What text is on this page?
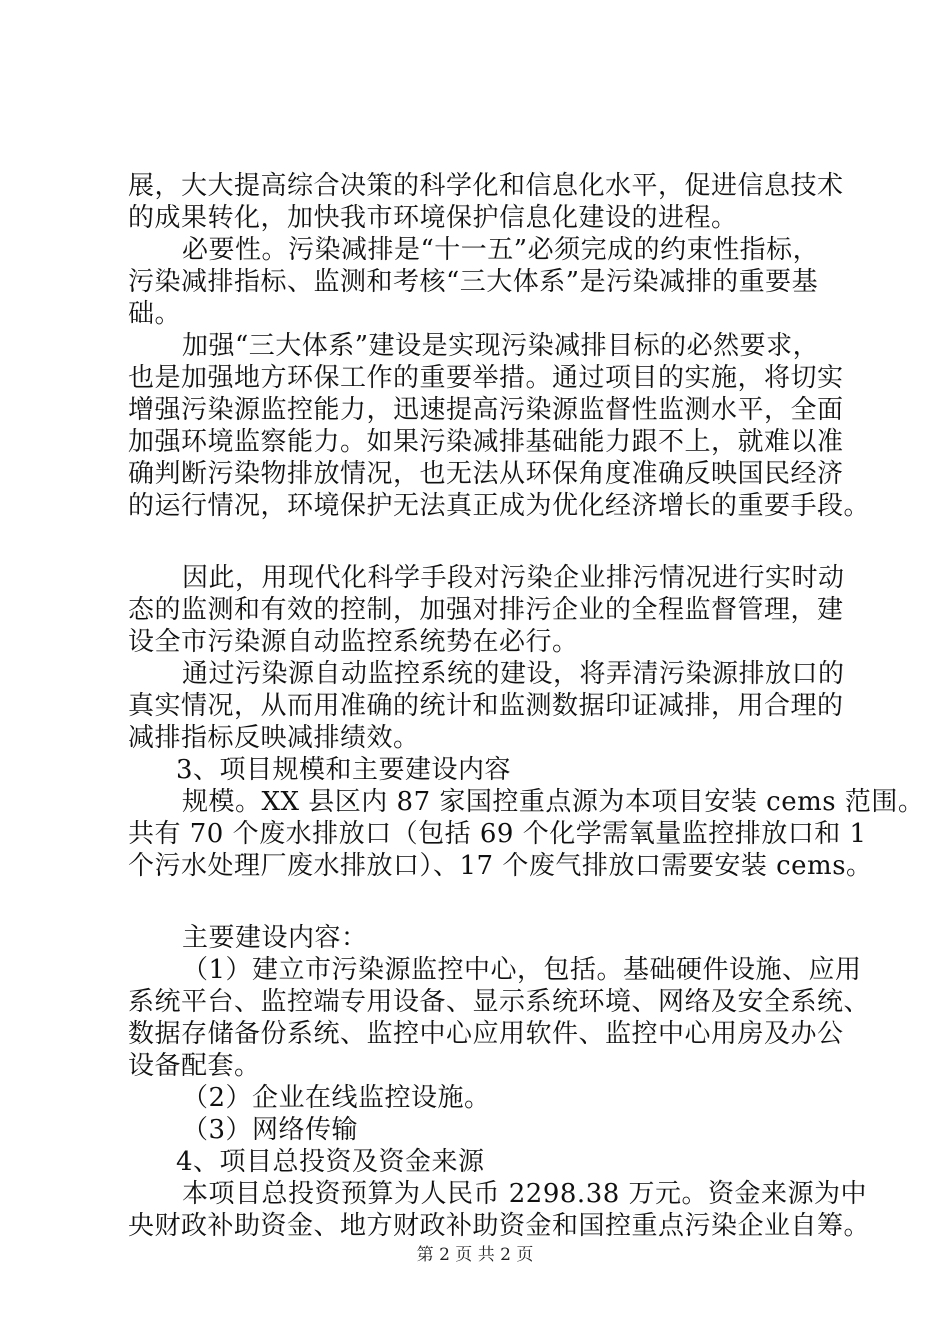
展，大大提高综合决策的科学化和信息化水平，促进信息技术
的成果转化，加快我市环境保护信息化建设的进程。
必要性。污染减排是“十一五”必须完成的约束性指标，
污染减排指标、监测和考核“三大体系”是污染减排的重要基
础。
加强“三大体系”建设是实现污染减排目标的必然要求，
也是加强地方环保工作的重要举措。通过项目的实施，将切实
增强污染源监控能力，迅速提高污染源监督性监测水平，全面
加强环境监察能力。如果污染减排基础能力跟不上，就难以准
确判断污染物排放情况，也无法从环保角度准确反映国民经济
的运行情况，环境保护无法真正成为优化经济增长的重要手段。
因此，用现代化科学手段对污染企业排污情况进行实时动
态的监测和有效的控制，加强对排污企业的全程监督管理，建
设全市污染源自动监控系统势在必行。
通过污染源自动监控系统的建设，将弄清污染源排放口的
真实情况，从而用准确的统计和监测数据印证减排，用合理的
减排指标反映减排绩效。
3、项目规模和主要建设内容
规模。XX 县区内 87 家国控重点源为本项目安装 cems 范围。
共有 70 个废水排放口（包括 69 个化学需氧量监控排放口和 1
个污水处理厂废水排放口）、17 个废气排放口需要安装 cems。
主要建设内容：
（1）建立市污染源监控中心，包括。基础硬件设施、应用
系统平台、监控端专用设备、显示系统环境、网络及安全系统、
数据存储备份系统、监控中心应用软件、监控中心用房及办公
设备配套。
（2）企业在线监控设施。
（3）网络传输
4、项目总投资及资金来源
本项目总投资预算为人民币 2298.38 万元。资金来源为中
央财政补助资金、地方财政补助资金和国控重点污染企业自筹。
第 2 页 共 2 页
